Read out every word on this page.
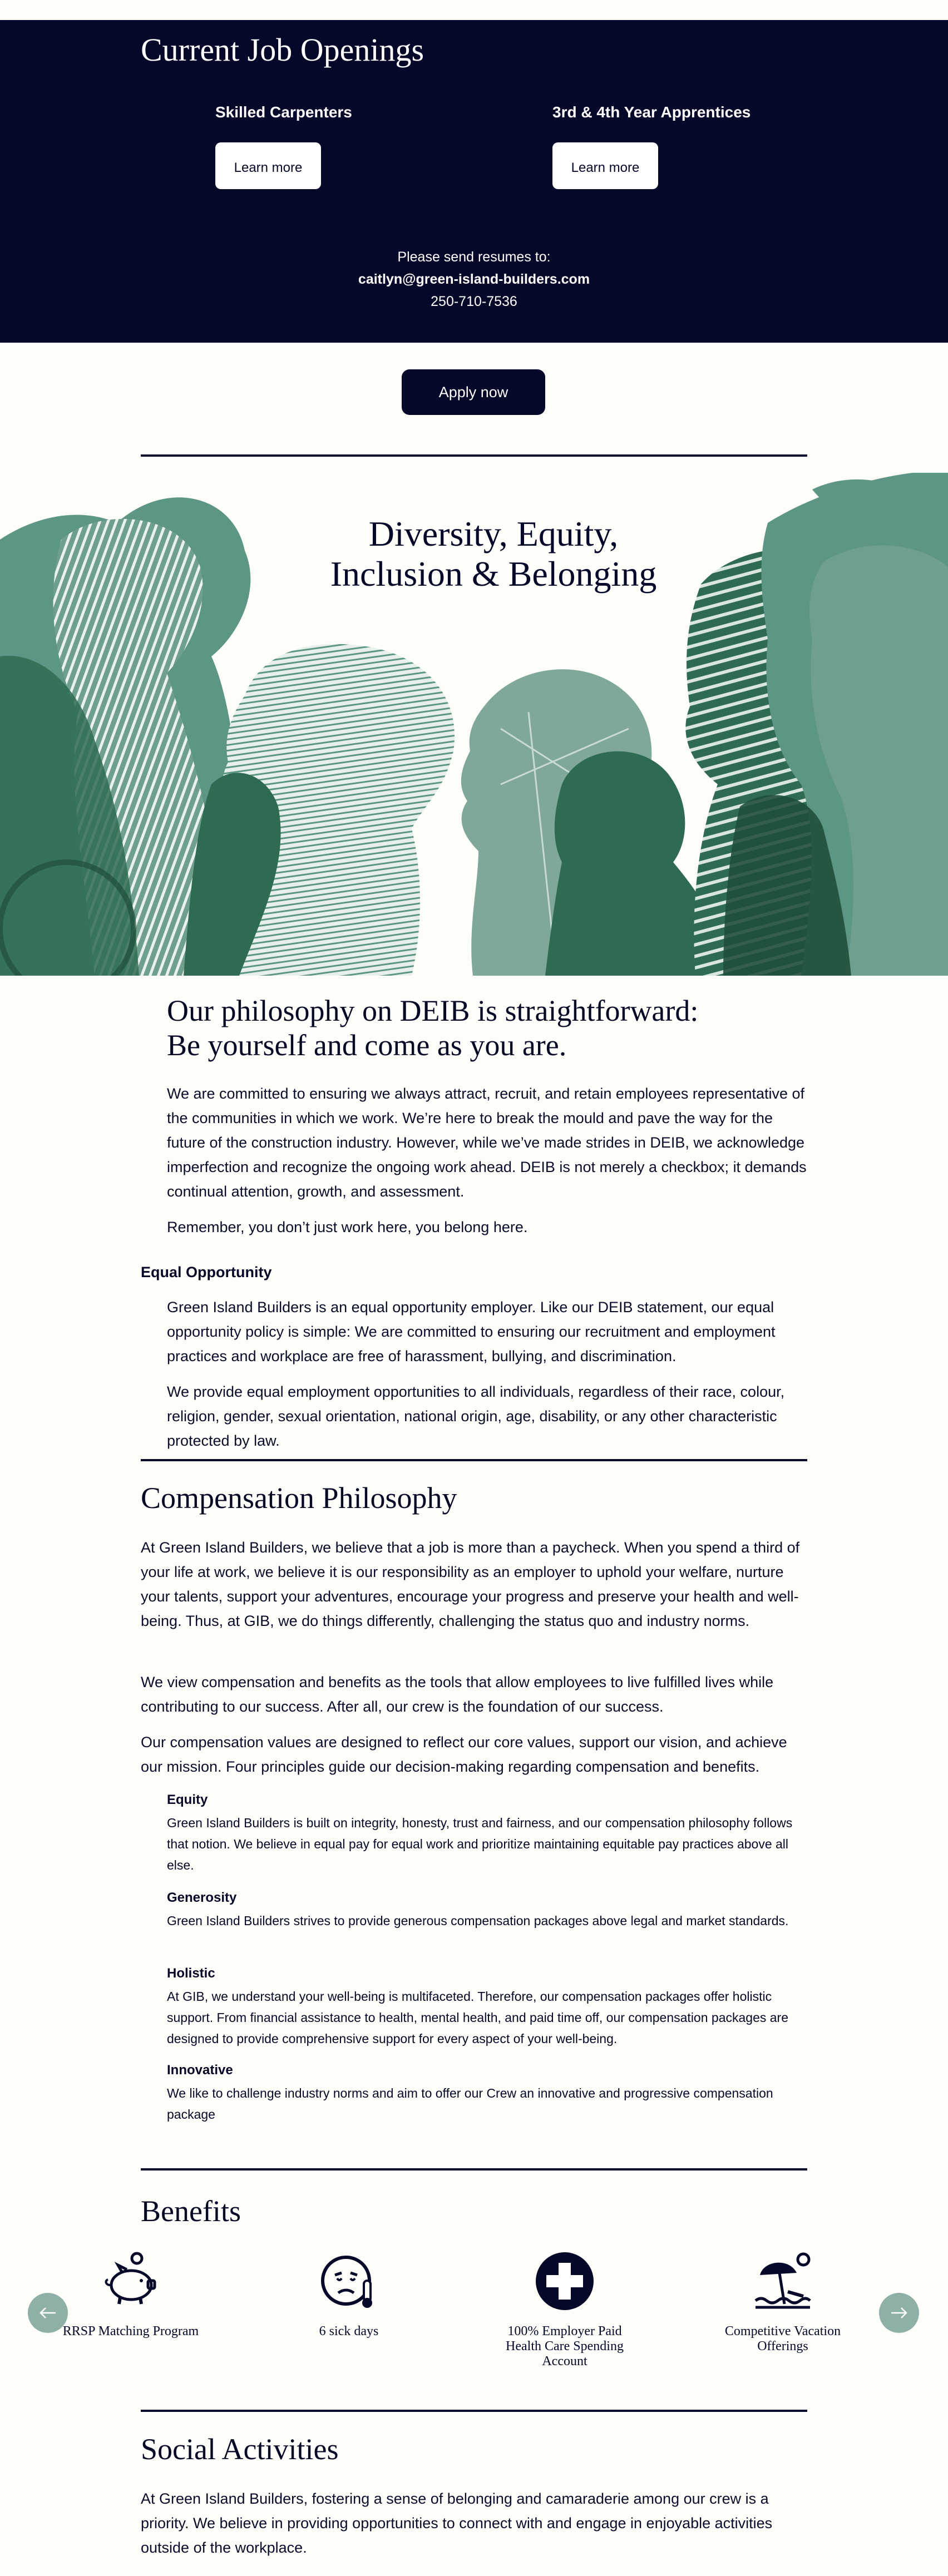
Current Job Openings
Skilled Carpenters
Learn more
3rd & 4th Year Apprentices
Learn more
Please send resumes to:
caitlyn@green-island-builders.com
250-710-7536
Apply now
Diversity, Equity,
Inclusion & Belonging
Our philosophy on DEIB is straightforward:
Be yourself and come as you are.

We are committed to ensuring we always attract, recruit, and retain employees representative of the communities in which we work. We’re here to break the mould and pave the way for the future of the construction industry. However, while we’ve made strides in DEIB, we acknowledge imperfection and recognize the ongoing work ahead. DEIB is not merely a checkbox; it demands continual attention, growth, and assessment.

Remember, you don’t just work here, you belong here.

Equal Opportunity

Green Island Builders is an equal opportunity employer. Like our DEIB statement, our equal opportunity policy is simple: We are committed to ensuring our recruitment and employment practices and workplace are free of harassment, bullying, and discrimination.

We provide equal employment opportunities to all individuals, regardless of their race, colour, religion, gender, sexual orientation, national origin, age, disability, or any other characteristic protected by law.

Compensation Philosophy

At Green Island Builders, we believe that a job is more than a paycheck. When you spend a third of your life at work, we believe it is our responsibility as an employer to uphold your welfare, nurture your talents, support your adventures, encourage your progress and preserve your health and well-being. Thus, at GIB, we do things differently, challenging the status quo and industry norms.

We view compensation and benefits as the tools that allow employees to live fulfilled lives while contributing to our success. After all, our crew is the foundation of our success.

Our compensation values are designed to reflect our core values, support our vision, and achieve our mission. Four principles guide our decision-making regarding compensation and benefits.

Equity

Green Island Builders is built on integrity, honesty, trust and fairness, and our compensation philosophy follows that notion. We believe in equal pay for equal work and prioritize maintaining equitable pay practices above all else.

Generosity

Green Island Builders strives to provide generous compensation packages above legal and market standards.

Holistic

At GIB, we understand your well-being is multifaceted. Therefore, our compensation packages offer holistic support. From financial assistance to health, mental health, and paid time off, our compensation packages are designed to provide comprehensive support for every aspect of your well-being.

Innovative

We like to challenge industry norms and aim to offer our Crew an innovative and progressive compensation package

Benefits
RRSP Matching Program	6 sick days	100% Employer Paid Health Care Spending Account
Competitive Vacation Offerings
Social Activities

At Green Island Builders, fostering a sense of belonging and camaraderie among our crew is a priority. We believe in providing opportunities to connect with and engage in enjoyable activities outside of the workplace.
